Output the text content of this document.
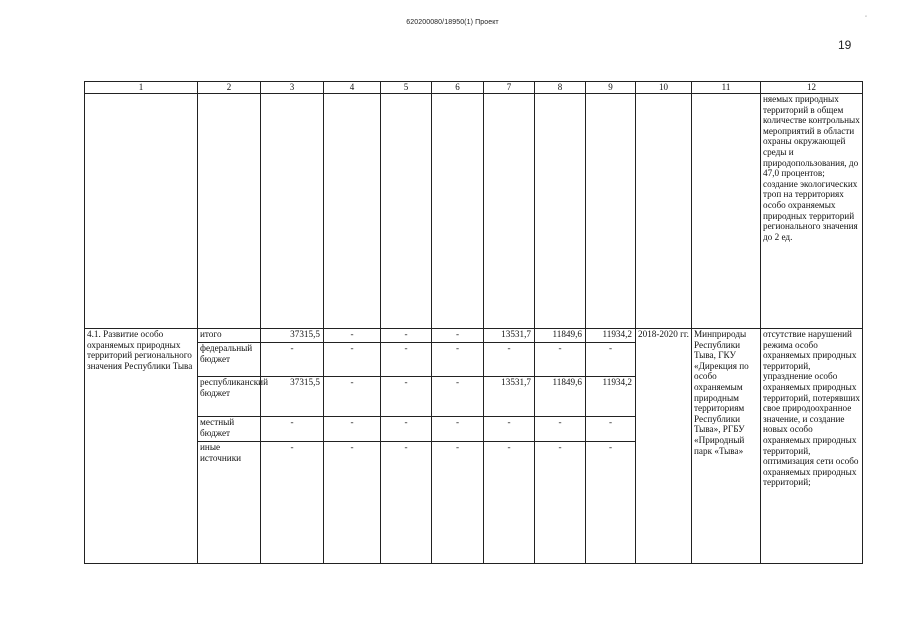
◦
620200080/18950(1) Проект
19
1	2	3	4	5	6	7	8	9	10	11	12
											няемых природных территорий в общем количестве контрольных мероприятий в области охраны окружающей среды и природопользования, до 47,0 процентов;
создание экологических троп на территориях особо охраняемых природных территорий регионального значения до 2 ед.
4.1. Развитие особо охраняемых природных территорий регионального значения Республики Тыва	итого	37315,5	-	-	-	13531,7	11849,6	11934,2	2018-2020 гг.	Минприроды Республики Тыва, ГКУ «Дирекция по особо охраняемым природным территориям Республики Тыва», РГБУ «Природный парк «Тыва»	отсутствие нарушений режима особо охраняемых природных территорий, упразднение особо охраняемых природных территорий, потерявших свое природоохранное значение, и создание новых особо охраняемых природных территорий, оптимизация сети особо охраняемых природных территорий;
	федеральный бюджет	-	-	-	-	-	-	-			
	республиканский бюджет	37315,5	-	-	-	13531,7	11849,6	11934,2			
	местный бюджет	-	-	-	-	-	-	-			
	иные источники	-	-	-	-	-	-	-			
